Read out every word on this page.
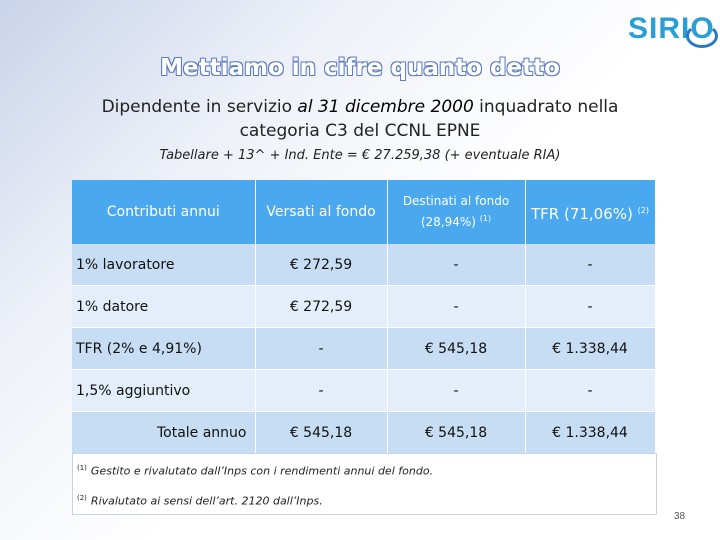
SIRIO
Mettiamo in cifre quanto detto
Dipendente in servizio al 31 dicembre 2000 inquadrato nella categoria C3 del CCNL EPNE
Tabellare + 13^ + Ind. Ente = € 27.259,38 (+ eventuale RIA)
Contributi annui	Versati al fondo	Destinati al fondo (28,94%) $^{(1)}$	TFR (71,06%) $^{(2)}$
1% lavoratore	€ 272,59	-	-
1% datore	€ 272,59	-	-
TFR (2% e 4,91%)	-	€ 545,18	€ 1.338,44
1,5% aggiuntivo	-	-	-
Totale annuo	€ 545,18	€ 545,18	€ 1.338,44
$^{(1)}$ Gestito e rivalutato dall’Inps con i rendimenti annui del fondo.
$^{(2)}$ Rivalutato ai sensi dell’art. 2120 dall’Inps.
38
